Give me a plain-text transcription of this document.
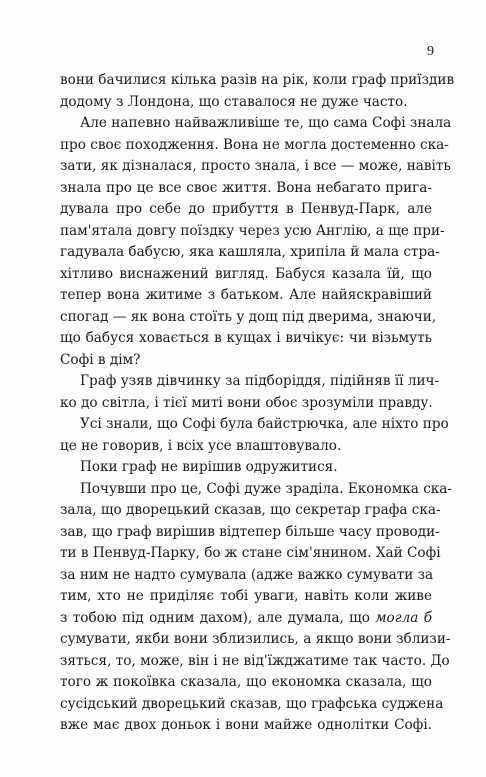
9
вони бачилися кілька разів на рік, коли граф приїздив
додому з Лондона, що ставалося не дуже часто.
Але напевно найважливіше те, що сама Софі знала
про своє походження. Вона не могла достеменно ска-
зати, як дізналася, просто знала, і все — може, навіть
знала про це все своє життя. Вона небагато пригa-
дувала про себе до прибуття в Пенвуд-Парк, але
пам'ятала довгу поїздку через усю Англію, а ще при-
гадувала бабусю, яка кашляла, хрипіла й мала стра-
хітливо виснажений вигляд. Бабуся казала їй, що
тепер вона житиме з батьком. Але найяскравіший
спогад — як вона стоїть у дощ під дверима, знаючи,
що бабуся ховається в кущах і вичікує: чи візьмуть
Софі в дім?
Граф узяв дівчинку за підборіддя, підійняв її лич-
ко до світла, і тієї миті вони обоє зрозуміли правду.
Усі знали, що Софі була байстрючка, але ніхто про
це не говорив, і всіх усе влаштовувало.
Поки граф не вирішив одружитися.
Почувши про це, Софі дуже зраділа. Економка ска-
зала, що дворецький сказав, що секретар графа ска-
зав, що граф вирішив відтепер більше часу проводи-
ти в Пенвуд-Парку, бо ж стане сім'янином. Хай Софі
за ним не надто сумувала (адже важко сумувати за
тим, хто не приділяє тобі уваги, навіть коли живе
з тобою під одним дахом), але думала, що могла б
сумувати, якби вони зблизились, а якщо вони зблизи-
зяться, то, може, він і не від'їжджатиме так часто. До
того ж покоївка сказала, що економка сказала, що
сусідський дворецький сказав, що графська суджена
вже має двох доньок і вони майже однолітки Софі.
